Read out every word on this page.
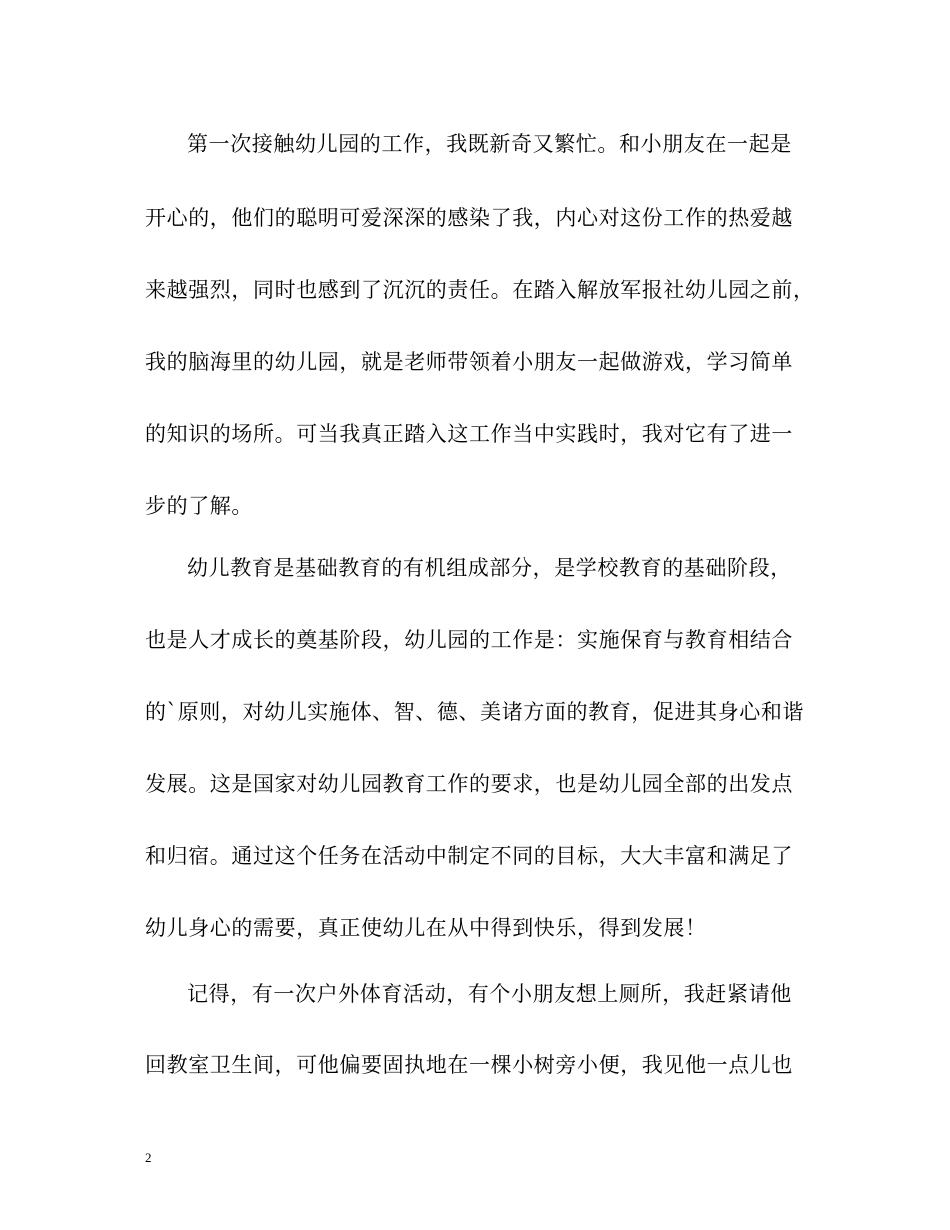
第一次接触幼儿园的工作，我既新奇又繁忙。和小朋友在一起是
开心的，他们的聪明可爱深深的感染了我，内心对这份工作的热爱越
来越强烈，同时也感到了沉沉的责任。在踏入解放军报社幼儿园之前，
我的脑海里的幼儿园，就是老师带领着小朋友一起做游戏，学习简单
的知识的场所。可当我真正踏入这工作当中实践时，我对它有了进一
步的了解。
幼儿教育是基础教育的有机组成部分，是学校教育的基础阶段，
也是人才成长的奠基阶段，幼儿园的工作是：实施保育与教育相结合
的`原则，对幼儿实施体、智、德、美诸方面的教育，促进其身心和谐
发展。这是国家对幼儿园教育工作的要求，也是幼儿园全部的出发点
和归宿。通过这个任务在活动中制定不同的目标，大大丰富和满足了
幼儿身心的需要，真正使幼儿在从中得到快乐，得到发展！
记得，有一次户外体育活动，有个小朋友想上厕所，我赶紧请他
回教室卫生间，可他偏要固执地在一棵小树旁小便，我见他一点儿也
2
